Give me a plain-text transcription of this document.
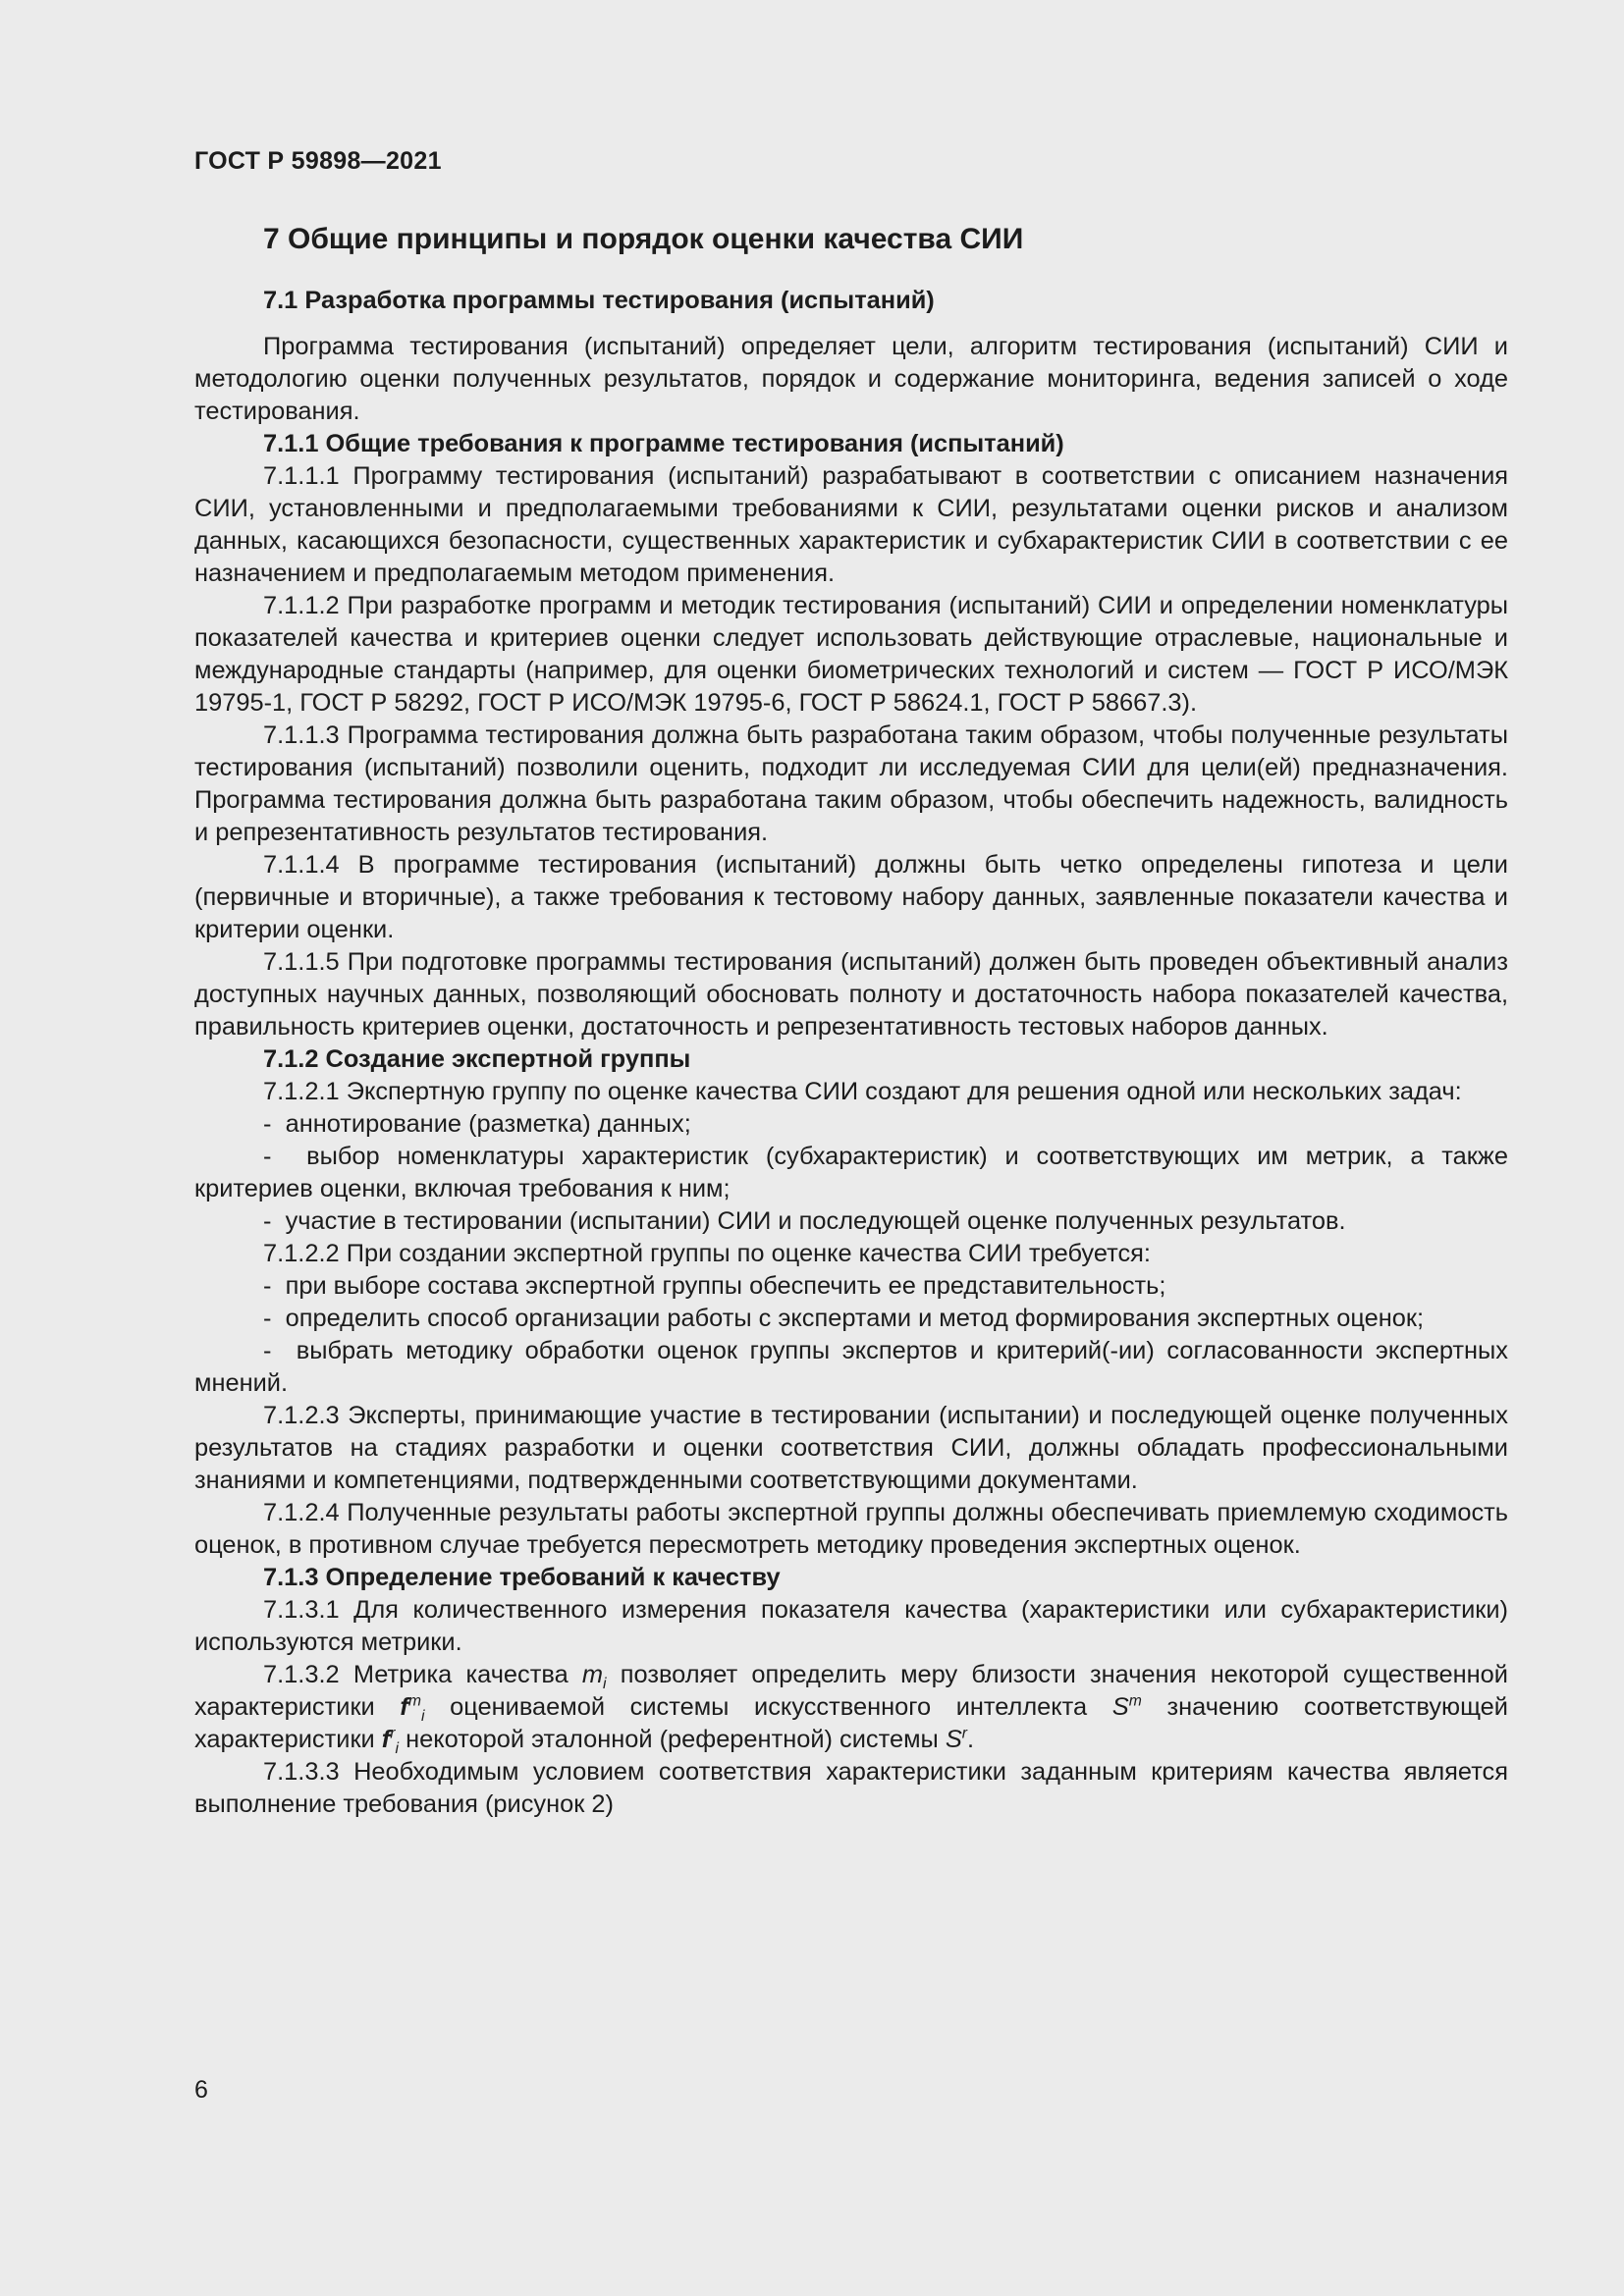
ГОСТ Р 59898—2021

7 Общие принципы и порядок оценки качества СИИ

7.1 Разработка программы тестирования (испытаний)

Программа тестирования (испытаний) определяет цели, алгоритм тестирования (испытаний) СИИ и методологию оценки полученных результатов, порядок и содержание мониторинга, ведения записей о ходе тестирования.

7.1.1 Общие требования к программе тестирования (испытаний)

7.1.1.1 Программу тестирования (испытаний) разрабатывают в соответствии с описанием назначения СИИ, установленными и предполагаемыми требованиями к СИИ, результатами оценки рисков и анализом данных, касающихся безопасности, существенных характеристик и субхарактеристик СИИ в соответствии с ее назначением и предполагаемым методом применения.

7.1.1.2 При разработке программ и методик тестирования (испытаний) СИИ и определении номенклатуры показателей качества и критериев оценки следует использовать действующие отраслевые, национальные и международные стандарты (например, для оценки биометрических технологий и систем — ГОСТ Р ИСО/МЭК 19795-1, ГОСТ Р 58292, ГОСТ Р ИСО/МЭК 19795-6, ГОСТ Р 58624.1, ГОСТ Р 58667.3).

7.1.1.3 Программа тестирования должна быть разработана таким образом, чтобы полученные результаты тестирования (испытаний) позволили оценить, подходит ли исследуемая СИИ для цели(ей) предназначения. Программа тестирования должна быть разработана таким образом, чтобы обеспечить надежность, валидность и репрезентативность результатов тестирования.

7.1.1.4 В программе тестирования (испытаний) должны быть четко определены гипотеза и цели (первичные и вторичные), а также требования к тестовому набору данных, заявленные показатели качества и критерии оценки.

7.1.1.5 При подготовке программы тестирования (испытаний) должен быть проведен объективный анализ доступных научных данных, позволяющий обосновать полноту и достаточность набора показателей качества, правильность критериев оценки, достаточность и репрезентативность тестовых наборов данных.

7.1.2 Создание экспертной группы

7.1.2.1 Экспертную группу по оценке качества СИИ создают для решения одной или нескольких задач:

-  аннотирование (разметка) данных;

-  выбор номенклатуры характеристик (субхарактеристик) и соответствующих им метрик, а также критериев оценки, включая требования к ним;

-  участие в тестировании (испытании) СИИ и последующей оценке полученных результатов.

7.1.2.2 При создании экспертной группы по оценке качества СИИ требуется:

-  при выборе состава экспертной группы обеспечить ее представительность;

-  определить способ организации работы с экспертами и метод формирования экспертных оценок;

-  выбрать методику обработки оценок группы экспертов и критерий(-ии) согласованности экспертных мнений.

7.1.2.3 Эксперты, принимающие участие в тестировании (испытании) и последующей оценке полученных результатов на стадиях разработки и оценки соответствия СИИ, должны обладать профессиональными знаниями и компетенциями, подтвержденными соответствующими документами.

7.1.2.4 Полученные результаты работы экспертной группы должны обеспечивать приемлемую сходимость оценок, в противном случае требуется пересмотреть методику проведения экспертных оценок.

7.1.3 Определение требований к качеству

7.1.3.1 Для количественного измерения показателя качества (характеристики или субхарактеристики) используются метрики.

7.1.3.2 Метрика качества $m_i$ позволяет определить меру близости значения некоторой существенной характеристики $f^m_i$ оцениваемой системы искусственного интеллекта $S^m$ значению соответствующей характеристики $f^r_i$ некоторой эталонной (референтной) системы $S^r$.

7.1.3.3 Необходимым условием соответствия характеристики заданным критериям качества является выполнение требования (рисунок 2)

6
